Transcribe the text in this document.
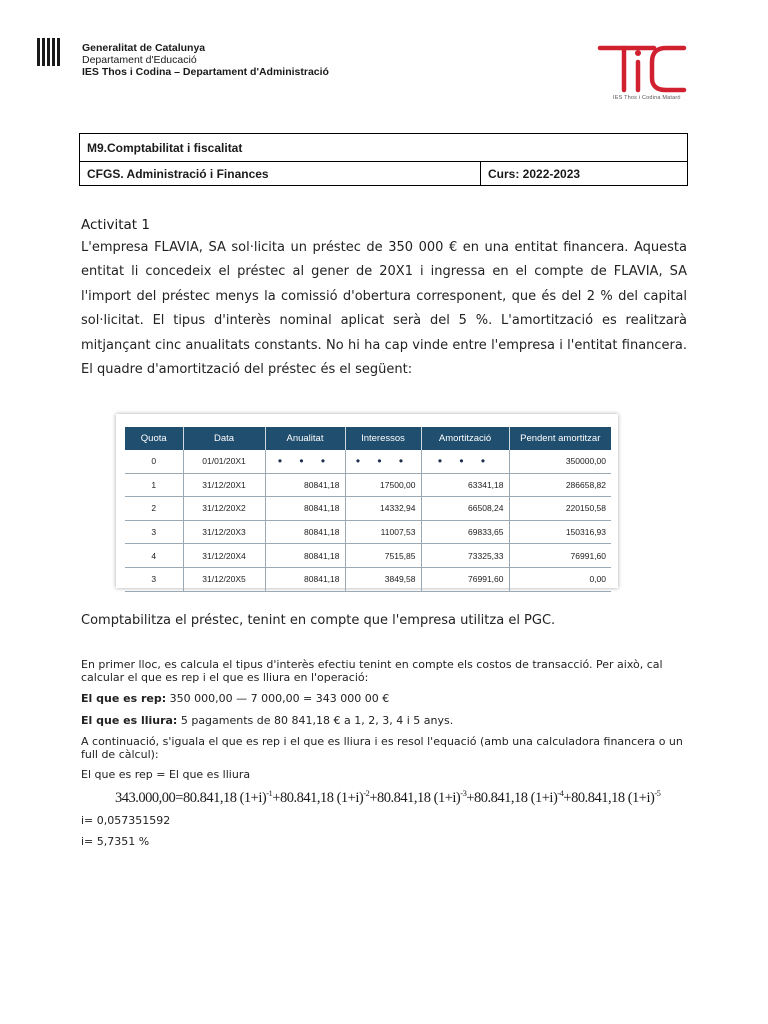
Generalitat de Catalunya
Departament d'Educació
IES Thos i Codina – Departament d'Administració
IES Thos i Codina Mataró
M9.Comptabilitat i fiscalitat
CFGS. Administració i Finances	Curs: 2022-2023
Activitat 1
L'empresa FLAVIA, SA sol·licita un préstec de 350 000 € en una entitat financera. Aquesta entitat li concedeix el préstec al gener de 20X1 i ingressa en el compte de FLAVIA, SA l'import del préstec menys la comissió d'obertura corresponent, que és del 2 % del capital sol·licitat. El tipus d'interès nominal aplicat serà del 5 %. L'amortització es realitzarà mitjançant cinc anualitats constants. No hi ha cap vinde entre l'empresa i l'entitat financera. El quadre d'amortització del préstec és el següent:
Quota	Data	Anualitat	Interessos	Amortització	Pendent amortitzar
0	01/01/20X1	• • •	• • •	• • •	350000,00
1	31/12/20X1	80841,18	17500,00	63341,18	286658,82
2	31/12/20X2	80841,18	14332,94	66508,24	220150,58
3	31/12/20X3	80841,18	11007,53	69833,65	150316,93
4	31/12/20X4	80841,18	7515,85	73325,33	76991,60
3	31/12/20X5	80841,18	3849,58	76991,60	0,00
Comptabilitza el préstec, tenint en compte que l'empresa utilitza el PGC.
En primer lloc, es calcula el tipus d'interès efectiu tenint en compte els costos de transacció. Per això, cal calcular el que es rep i el que es lliura en l'operació:
El que es rep: 350 000,00 — 7 000,00 = 343 000 00 €
El que es lliura: 5 pagaments de 80 841,18 € a 1, 2, 3, 4 i 5 anys.
A continuació, s'iguala el que es rep i el que es lliura i es resol l'equació (amb una calculadora financera o un full de càlcul):
El que es rep = El que es lliura
343.000,00=80.841,18 $(1+i)^{-1}+80.841,18$ $(1+i)^{-2}+80.841,18$ $(1+i)^{-3}+80.841,18$ $(1+i)^{-4}+80.841,18$ $(1+i)^{-5}$
i= 0,057351592
i= 5,7351 %
